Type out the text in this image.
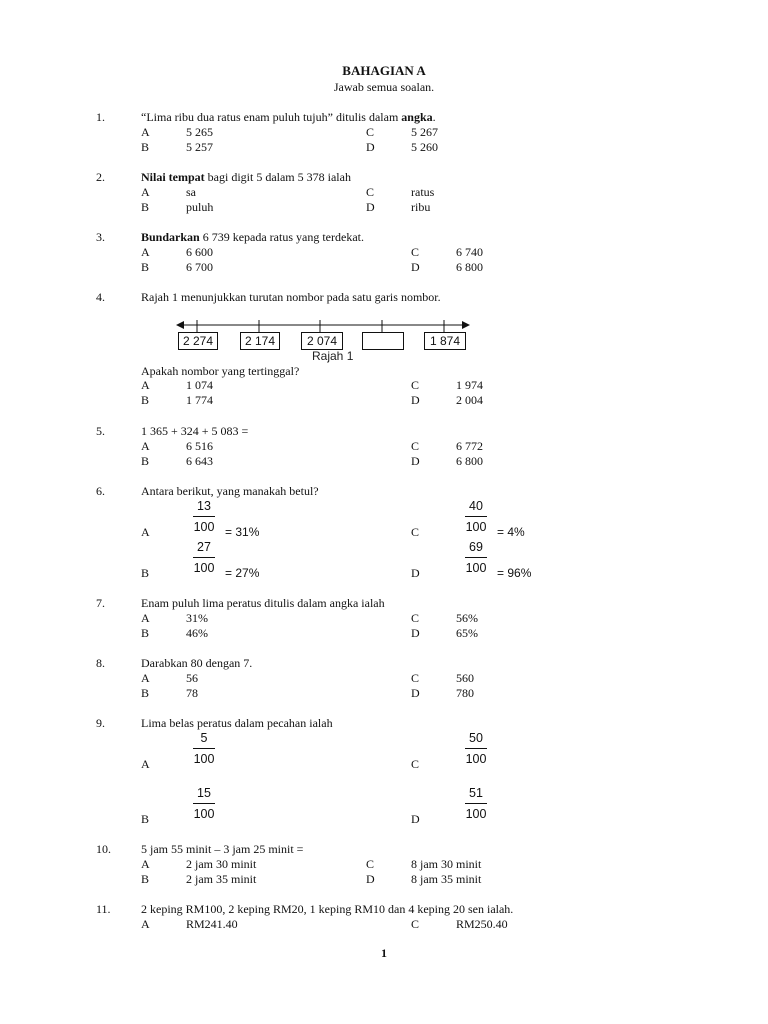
BAHAGIAN A
Jawab semua soalan.
1.	“Lima ribu dua ratus enam puluh tujuh” ditulis dalam angka.
A	5 265	C	5 267
B	5 257	D	5 260
2.	Nilai tempat bagi digit 5 dalam 5 378 ialah
A	sa	C	ratus
B	puluh	D	ribu
3.	Bundarkan 6 739 kepada ratus yang terdekat.
A	6 600	C	6 740
B	6 700	D	6 800
4.	Rajah 1 menunjukkan turutan nombor pada satu garis nombor.
2 274	2 174	2 074	1 874
Rajah 1
Apakah nombor yang tertinggal?
A	1 074	C	1 974
B	1 774	D	2 004
5.	1 365 + 324 + 5 083 =
A	6 516	C	6 772
B	6 643	D	6 800
6.	Antara berikut, yang manakah betul?
A
13
100 = 31%	C
40
100 = 4%
B
27
100 = 27%	D
69
100 = 96%
7.	Enam puluh lima peratus ditulis dalam angka ialah
A	31%	C	56%
B	46%	D	65%
8.	Darabkan 80 dengan 7.
A	56	C	560
B	78	D	780
9.	Lima belas peratus dalam pecahan ialah
A
5
100	C
50
100
B
15
100	D
51
100
10.	5 jam 55 minit – 3 jam 25 minit =
A	2 jam 30 minit	C	8 jam 30 minit
B	2 jam 35 minit	D	8 jam 35 minit
11.	2 keping RM100, 2 keping RM20, 1 keping RM10 dan 4 keping 20 sen ialah.
A	RM241.40	C	RM250.40
1
